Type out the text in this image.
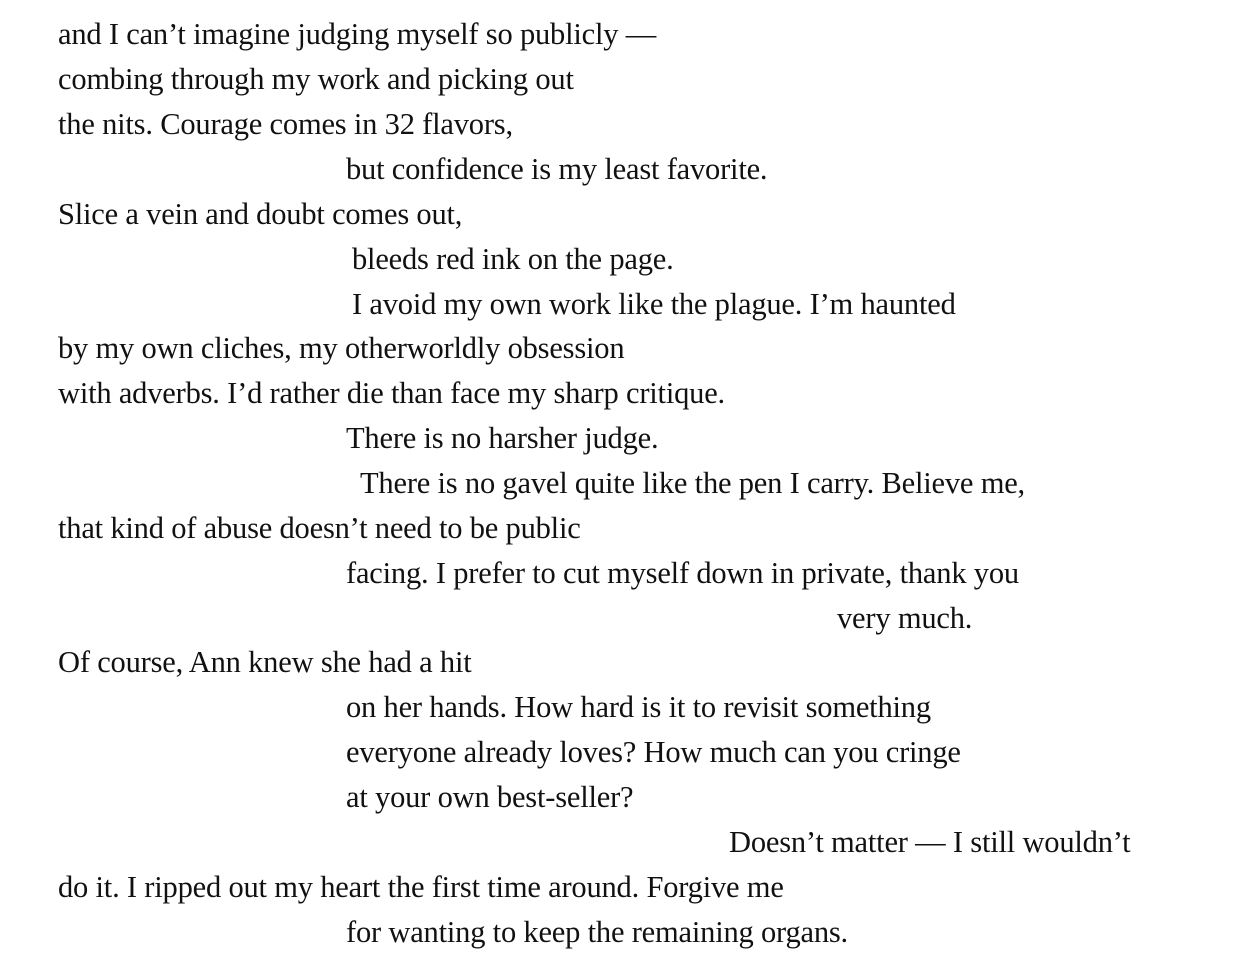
and I can’t imagine judging myself so publicly —
combing through my work and picking out
the nits. Courage comes in 32 flavors,
but confidence is my least favorite.
Slice a vein and doubt comes out,
bleeds red ink on the page.
I avoid my own work like the plague. I’m haunted
by my own cliches, my otherworldly obsession
with adverbs. I’d rather die than face my sharp critique.
There is no harsher judge.
There is no gavel quite like the pen I carry. Believe me,
that kind of abuse doesn’t need to be public
facing. I prefer to cut myself down in private, thank you
very much.
Of course, Ann knew she had a hit
on her hands. How hard is it to revisit something
everyone already loves? How much can you cringe
at your own best-seller?
Doesn’t matter — I still wouldn’t
do it. I ripped out my heart the first time around. Forgive me
for wanting to keep the remaining organs.
